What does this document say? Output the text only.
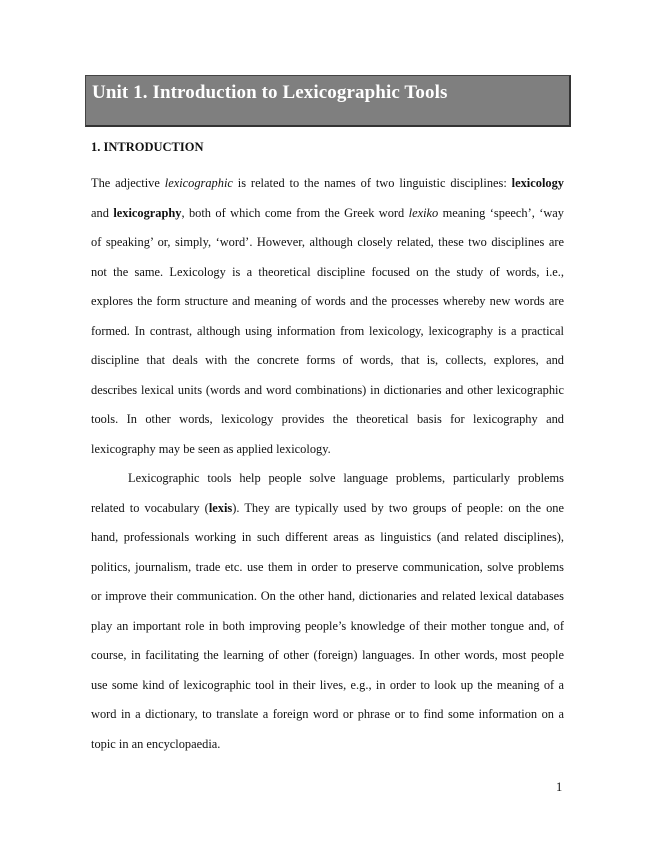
Unit 1. Introduction to Lexicographic Tools
1. INTRODUCTION
The adjective lexicographic is related to the names of two linguistic disciplines: lexicology
and lexicography, both of which come from the Greek word lexiko meaning ‘speech’, ‘way
of speaking’ or, simply, ‘word’. However, although closely related, these two disciplines are
not the same. Lexicology is a theoretical discipline focused on the study of words, i.e.,
explores the form structure and meaning of words and the processes whereby new words are
formed. In contrast, although using information from lexicology, lexicography is a practical
discipline that deals with the concrete forms of words, that is, collects, explores, and
describes lexical units (words and word combinations) in dictionaries and other lexicographic
tools. In other words, lexicology provides the theoretical basis for lexicography and
lexicography may be seen as applied lexicology.
Lexicographic tools help people solve language problems, particularly problems
related to vocabulary (lexis). They are typically used by two groups of people: on the one
hand, professionals working in such different areas as linguistics (and related disciplines),
politics, journalism, trade etc. use them in order to preserve communication, solve problems
or improve their communication. On the other hand, dictionaries and related lexical databases
play an important role in both improving people’s knowledge of their mother tongue and, of
course, in facilitating the learning of other (foreign) languages. In other words, most people
use some kind of lexicographic tool in their lives, e.g., in order to look up the meaning of a
word in a dictionary, to translate a foreign word or phrase or to find some information on a
topic in an encyclopaedia.
1
